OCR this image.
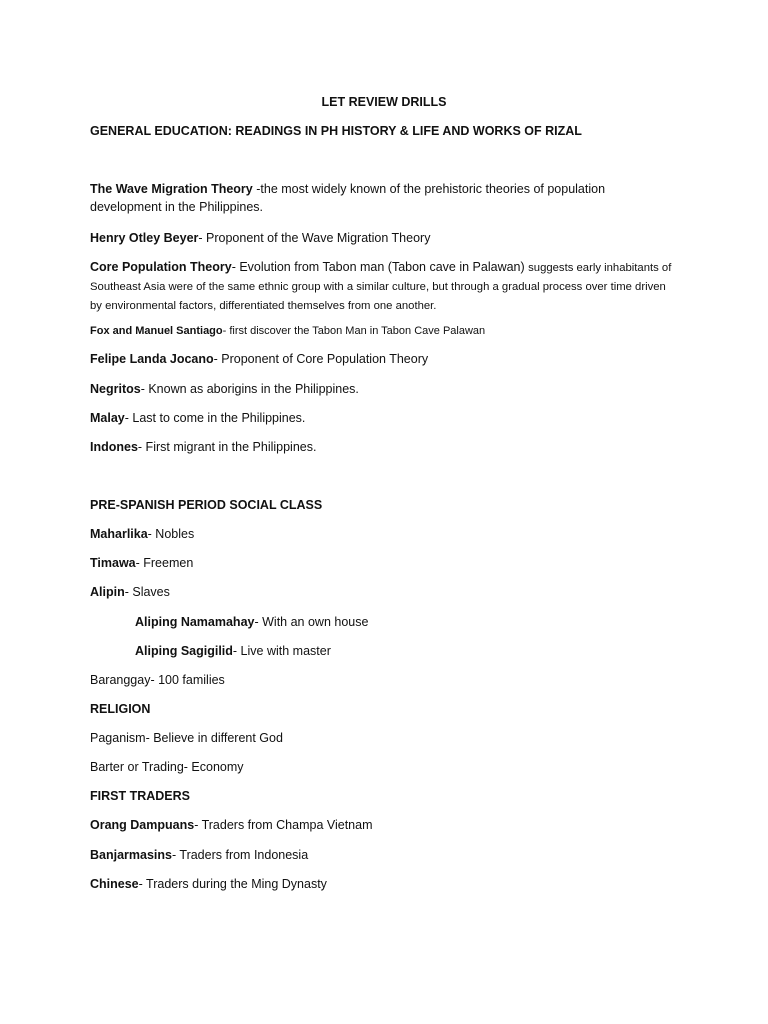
LET REVIEW DRILLS
GENERAL EDUCATION: READINGS IN PH HISTORY & LIFE AND WORKS OF RIZAL
The Wave Migration Theory -the most widely known of the prehistoric theories of population development in the Philippines.
Henry Otley Beyer- Proponent of the Wave Migration Theory
Core Population Theory- Evolution from Tabon man (Tabon cave in Palawan) suggests early inhabitants of Southeast Asia were of the same ethnic group with a similar culture, but through a gradual process over time driven by environmental factors, differentiated themselves from one another.
Fox and Manuel Santiago- first discover the Tabon Man in Tabon Cave Palawan
Felipe Landa Jocano- Proponent of Core Population Theory
Negritos- Known as aborigins in the Philippines.
Malay- Last to come in the Philippines.
Indones- First migrant in the Philippines.
PRE-SPANISH PERIOD SOCIAL CLASS
Maharlika- Nobles
Timawa- Freemen
Alipin- Slaves
Aliping Namamahay- With an own house
Aliping Sagigilid- Live with master
Baranggay- 100 families
RELIGION
Paganism- Believe in different God
Barter or Trading- Economy
FIRST TRADERS
Orang Dampuans- Traders from Champa Vietnam
Banjarmasins- Traders from Indonesia
Chinese- Traders during the Ming Dynasty
